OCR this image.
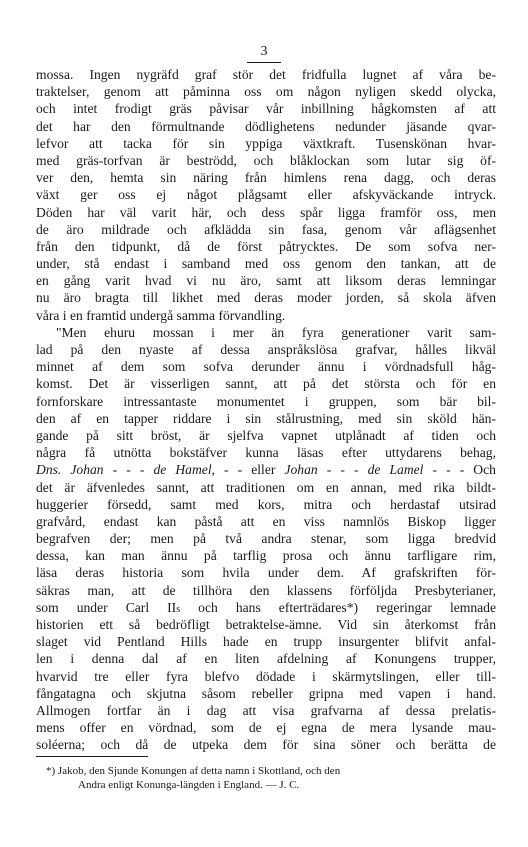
3
mossa. Ingen nygräfd graf stör det fridfulla lugnet af våra be-
traktelser, genom att påminna oss om någon nyligen skedd olycka,
och intet frodigt gräs påvisar vår inbillning hågkomsten af att
det har den förmultnande dödlighetens nedunder jäsande qvar-
lefvor att tacka för sin yppiga växtkraft. Tusenskönan hvar-
med gräs-torfvan är beströdd, och blåklockan som lutar sig öf-
ver den, hemta sin näring från himlens rena dagg, och deras
växt ger oss ej något plågsamt eller afskyväckande intryck.
Döden har väl varit här, och dess spår ligga framför oss, men
de äro mildrade och afklädda sin fasa, genom vår aflägsenhet
från den tidpunkt, då de först påtrycktes. De som sofva ner-
under, stå endast i samband med oss genom den tankan, att de
en gång varit hvad vi nu äro, samt att liksom deras lemningar
nu äro bragta till likhet med deras moder jorden, så skola äfven
våra i en framtid undergå samma förvandling.
"Men ehuru mossan i mer än fyra generationer varit sam-
lad på den nyaste af dessa anspråkslösa grafvar, hålles likväl
minnet af dem som sofva derunder ännu i vördnadsfull håg-
komst. Det är visserligen sannt, att på det största och för en
fornforskare intressantaste monumentet i gruppen, som bär bil-
den af en tapper riddare i sin stålrustning, med sin sköld hän-
gande på sitt bröst, är sjelfva vapnet utplånadt af tiden och
några få utnötta bokstäfver kunna läsas efter uttydarens behag,
Dns. Johan - - - de Hamel, - - eller Johan - - - de Lamel - - - Och
det är äfvenledes sannt, att traditionen om en annan, med rika bildt-
huggerier försedd, samt med kors, mitra och herdastaf utsirad
grafvård, endast kan påstå att en viss namnlös Biskop ligger
begrafven der; men på två andra stenar, som ligga bredvid
dessa, kan man ännu på tarflig prosa och ännu tarfligare rim,
läsa deras historia som hvila under dem. Af grafskriften för-
säkras man, att de tillhöra den klassens förföljda Presbyterianer,
som under Carl IIs och hans efterträdares*) regeringar lemnade
historien ett så bedröfligt betraktelse-ämne. Vid sin återkomst från
slaget vid Pentland Hills hade en trupp insurgenter blifvit anfal-
len i denna dal af en liten afdelning af Konungens trupper,
hvarvid tre eller fyra blefvo dödade i skärmytslingen, eller till-
fångatagna och skjutna såsom rebeller gripna med vapen i hand.
Allmogen fortfar än i dag att visa grafvarna af dessa prelatis-
mens offer en vördnad, som de ej egna de mera lysande mau-
soléerna; och då de utpeka dem för sina söner och berätta de
*) Jakob, den Sjunde Konungen af detta namn i Skottland, och den
Andra enligt Konunga-längden i England. — J. C.
